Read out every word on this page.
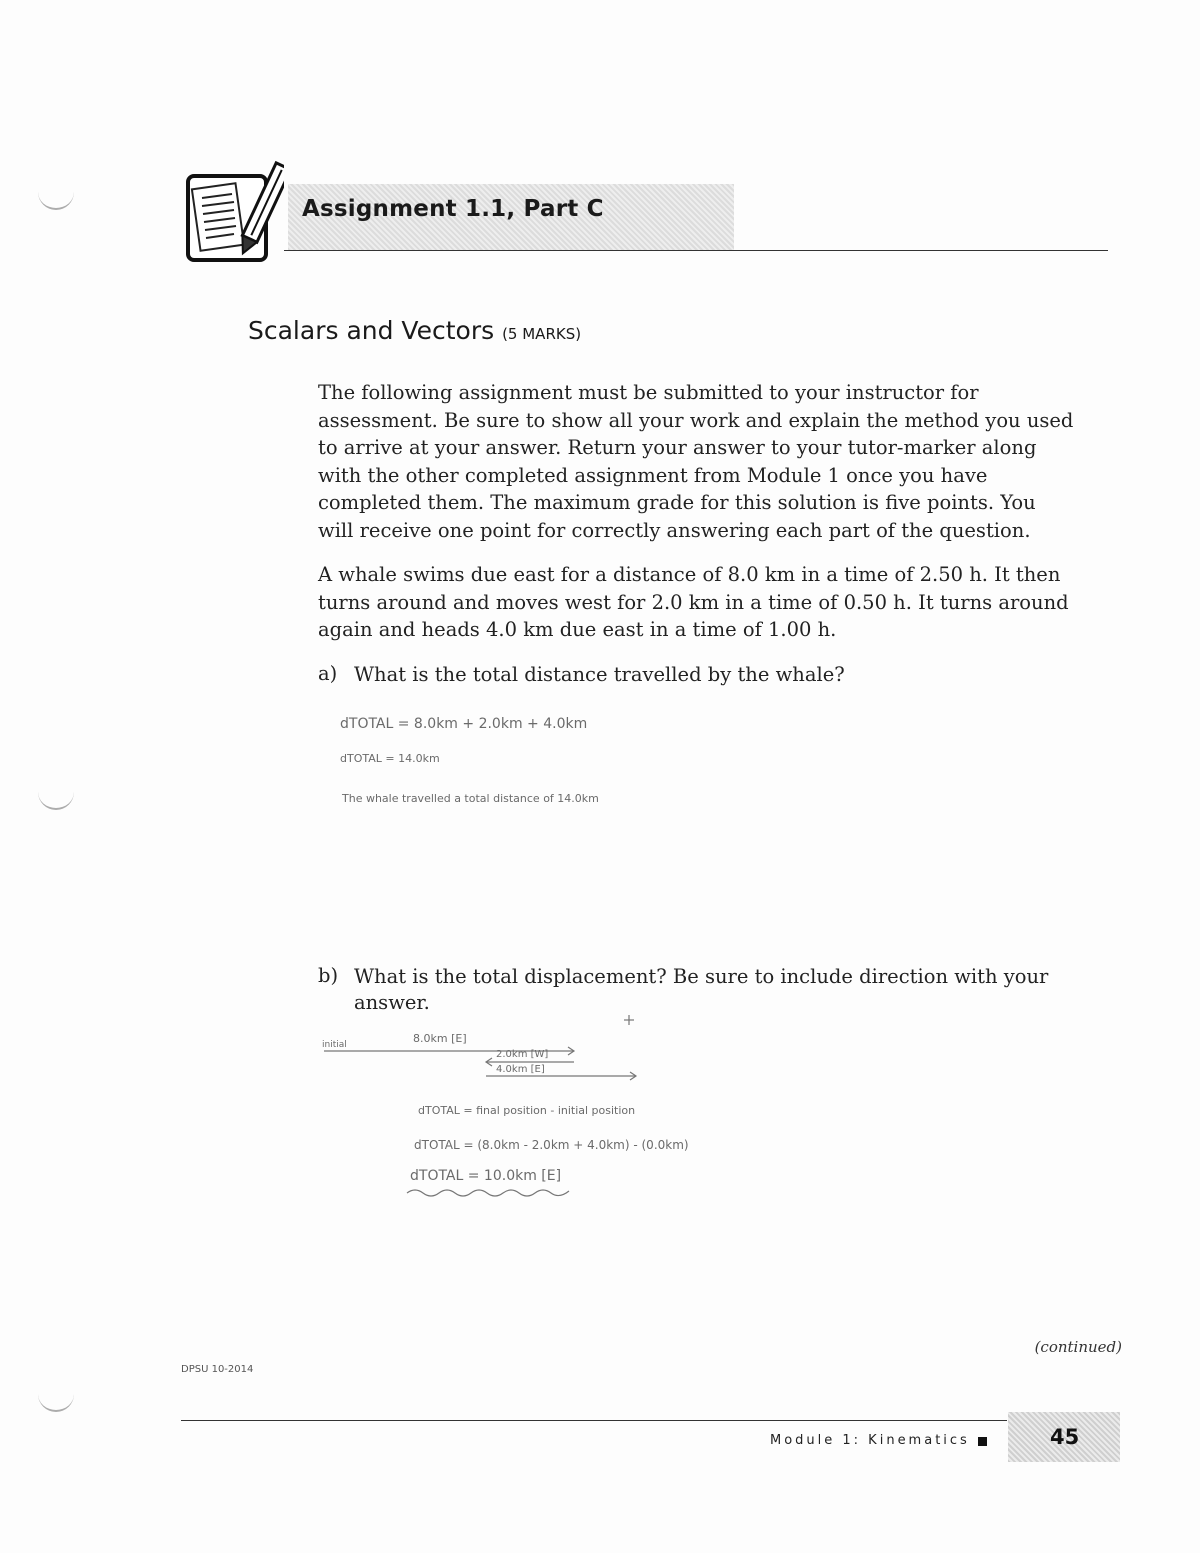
Assignment 1.1, Part C
Scalars and Vectors (5 MARKS)
The following assignment must be submitted to your instructor for
assessment. Be sure to show all your work and explain the method you used
to arrive at your answer. Return your answer to your tutor-marker along
with the other completed assignment from Module 1 once you have
completed them. The maximum grade for this solution is five points. You
will receive one point for correctly answering each part of the question.
A whale swims due east for a distance of 8.0 km in a time of 2.50 h. It then
turns around and moves west for 2.0 km in a time of 0.50 h. It turns around
again and heads 4.0 km due east in a time of 1.00 h.
a) What is the total distance travelled by the whale?
dTOTAL = 8.0km + 2.0km + 4.0km
dTOTAL = 14.0km
The whale travelled a total distance of 14.0km
b) What is the total displacement? Be sure to include direction with your
answer.
initial	8.0km [E]
2.0km [W]
4.0km [E]
dTOTAL = final position - initial position
dTOTAL = (8.0km - 2.0km + 4.0km) - (0.0km)
dTOTAL = 10.0km [E]
(continued)
DPSU 10-2014
Module 1: Kinematics	45
